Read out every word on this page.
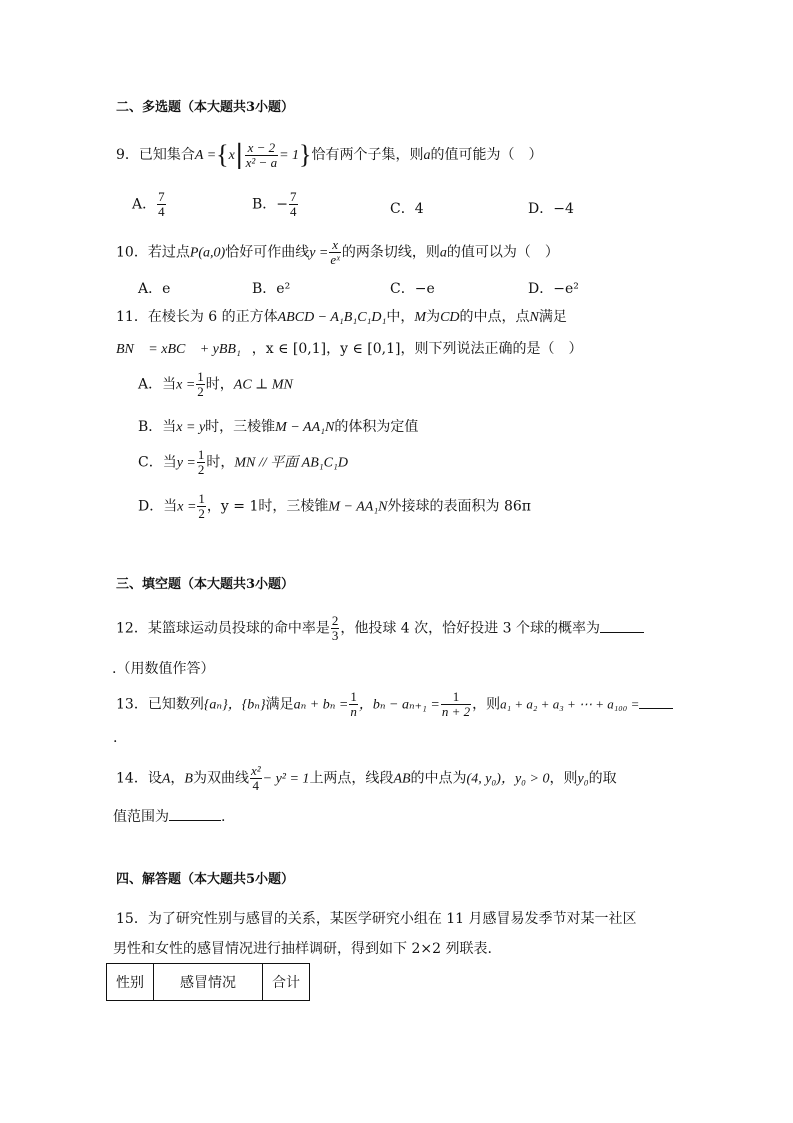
二、多选题（本大题共3小题）
9．已知集合$A =\{x| \frac{x - 2}{\text{x² − a}} = 1\}$恰有两个子集，则a的值可能为（　）
A． $\frac{7}{4}$	B．− $\frac{7}{4}$	C．4	D．−4
10．若过点P(a,0)恰好可作曲线$y = \frac{x}{\text{eˣ}}$ 的两条切线，则a的值可以为（　）
A．e	B．e²	C．−e	D．−e²
11．在棱长为 6 的正方体ABCD − A₁B₁C₁D₁中，M为CD的中点，点N满足
BN⃗ = xBC⃗ + yBB₁⃗，x ∈ [0,1]，y ∈ [0,1]，则下列说法正确的是（　）
A．当$x = \frac{1}{2}$ 时，AC ⊥ MN
B．当x = y时，三棱锥M − AA₁N的体积为定值
C．当$y = \frac{1}{2}$ 时，MN // 平面 AB₁C₁D
D．当$x = \frac{1}{2}$ ，y = 1时，三棱锥M − AA₁N外接球的表面积为 86π
三、填空题（本大题共3小题）
12．某篮球运动员投球的命中率是 $\frac{2}{3}$ ，他投球 4 次，恰好投进 3 个球的概率为
.（用数值作答）
13．已知数列{aₙ}，{bₙ}满足$a_n + b_n = \frac{1}{n}$ ，$b_n - a_{n+1} = \frac{1}{n + 2}$ ，则a₁ + a₂ + a₃ + ⋯ + a₁₀₀ =
.
14．设A，B为双曲线 $\frac{\text{x²}}{4} - y^2 = 1$上两点，线段AB的中点为(4, y₀)，y₀ > 0，则y₀的取
值范围为	.
四、解答题（本大题共5小题）
15．为了研究性别与感冒的关系，某医学研究小组在 11 月感冒易发季节对某一社区
男性和女性的感冒情况进行抽样调研，得到如下 2×2 列联表.
性别	感冒情况	合计
